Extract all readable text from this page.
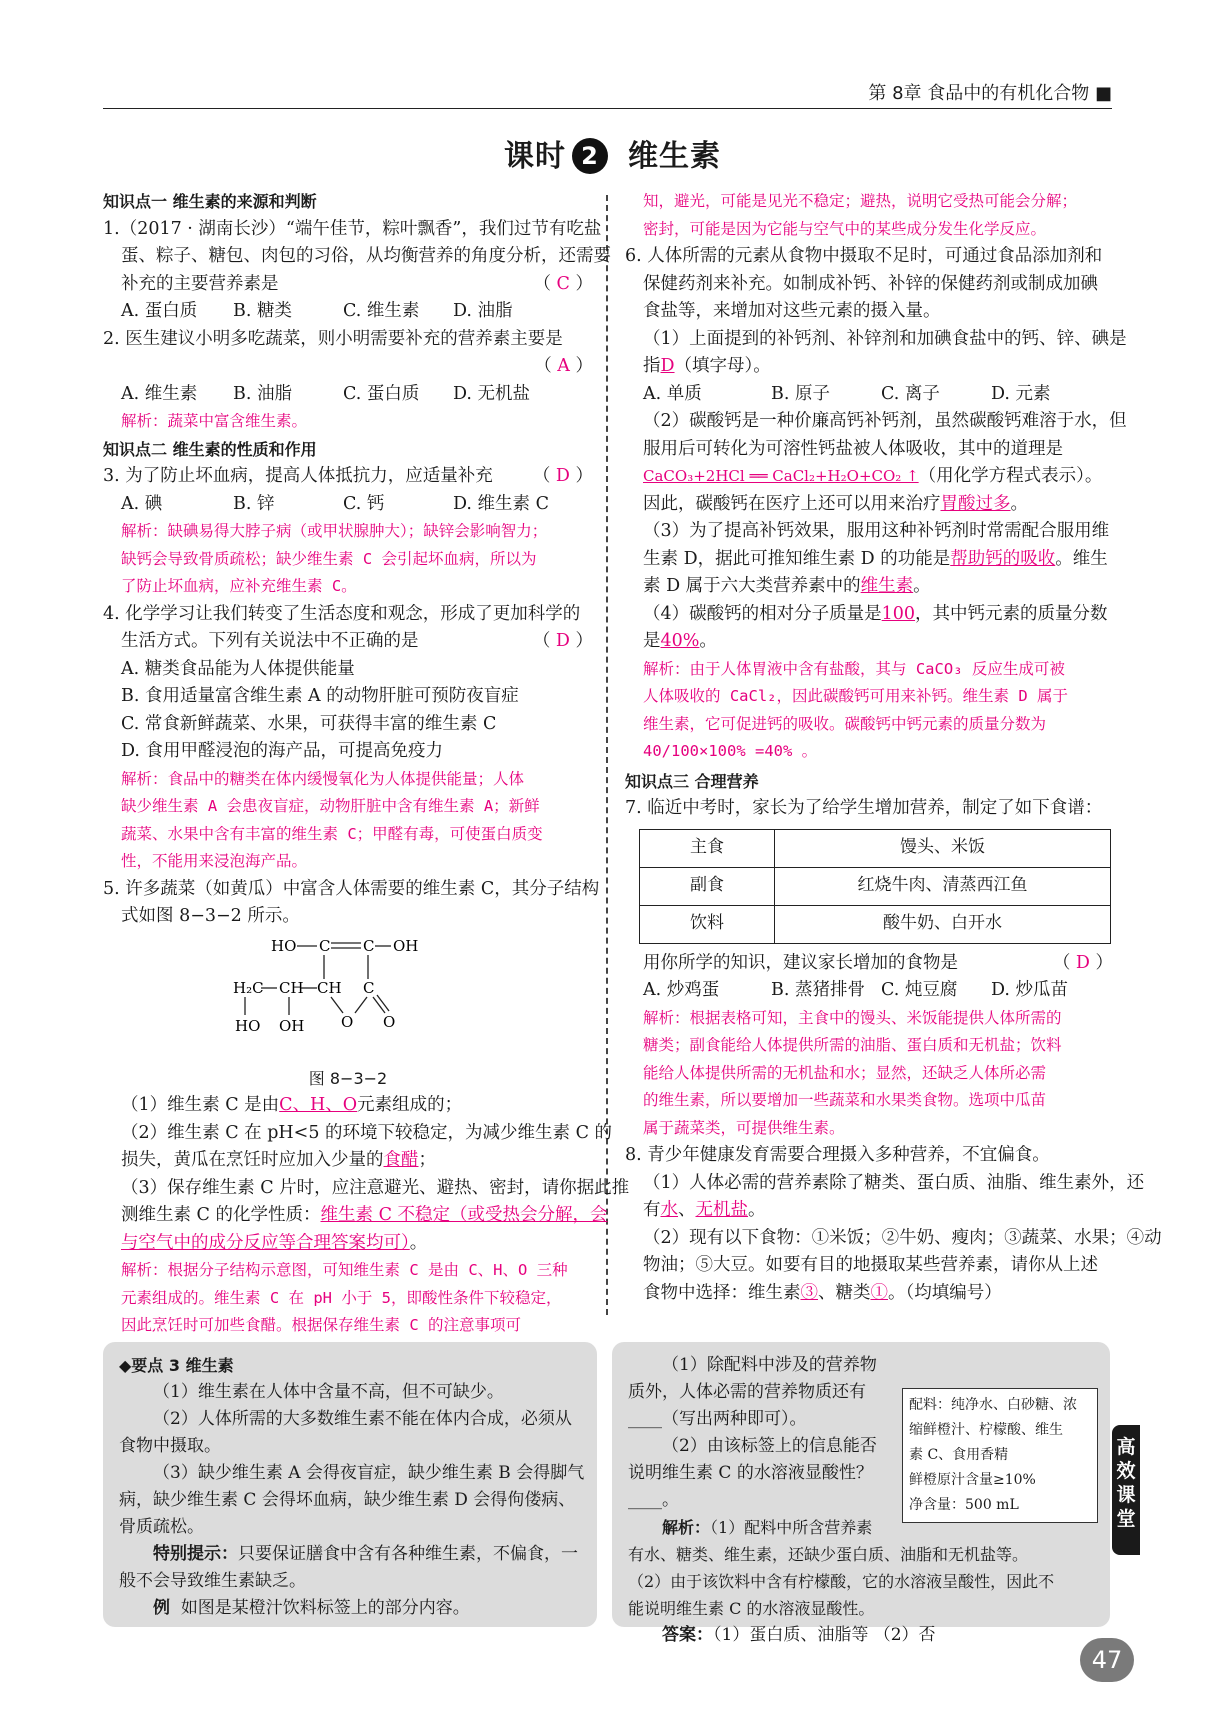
第 8章 食品中的有机化合物 ■
课时 2 维生素
知识点一 维生素的来源和判断
1.（2017 · 湖南长沙）“端午佳节，粽叶飘香”，我们过节有吃盐
蛋、粽子、糖包、肉包的习俗，从均衡营养的角度分析，还需要
补充的主要营养素是	（ C ）
A. 蛋白质 B. 糖类	C. 维生素 D. 油脂
2. 医生建议小明多吃蔬菜，则小明需要补充的营养素主要是
（ A ）

A. 维生素 B. 油脂	C. 蛋白质 D. 无机盐
解析：蔬菜中富含维生素。
知识点二 维生素的性质和作用
3. 为了防止坏血病，提高人体抵抗力，应适量补充 （ D ）
A. 碘	B. 锌	C. 钙	D. 维生素 C
解析：缺碘易得大脖子病（或甲状腺肿大）；缺锌会影响智力；
缺钙会导致骨质疏松；缺少维生素 C 会引起坏血病，所以为
了防止坏血病，应补充维生素 C。
4. 化学学习让我们转变了生活态度和观念，形成了更加科学的
生活方式。下列有关说法中不正确的是	（ D ）
A. 糖类食品能为人体提供能量
B. 食用适量富含维生素 A 的动物肝脏可预防夜盲症
C. 常食新鲜蔬菜、水果，可获得丰富的维生素 C
D. 食用甲醛浸泡的海产品，可提高免疫力
解析：食品中的糖类在体内缓慢氧化为人体提供能量；人体
缺少维生素 A 会患夜盲症，动物肝脏中含有维生素 A；新鲜
蔬菜、水果中含有丰富的维生素 C；甲醛有毒，可使蛋白质变
性，不能用来浸泡海产品。
5. 许多蔬菜（如黄瓜）中富含人体需要的维生素 C，其分子结构
式如图 8−3−2 所示。
HO C C OH
H₂C CH CH C
O O
HO OH
图 8−3−2
（1）维生素 C 是由C、H、O元素组成的；
（2）维生素 C 在 pH<5 的环境下较稳定，为减少维生素 C 的
损失，黄瓜在烹饪时应加入少量的食醋；
（3）保存维生素 C 片时，应注意避光、避热、密封，请你据此推
测维生素 C 的化学性质：维生素 C 不稳定（或受热会分解，会
与空气中的成分反应等合理答案均可）。
解析：根据分子结构示意图，可知维生素 C 是由 C、H、O 三种
元素组成的。维生素 C 在 pH 小于 5，即酸性条件下较稳定，
因此烹饪时可加些食醋。根据保存维生素 C 的注意事项可
知，避光，可能是见光不稳定；避热，说明它受热可能会分解；
密封，可能是因为它能与空气中的某些成分发生化学反应。
6. 人体所需的元素从食物中摄取不足时，可通过食品添加剂和
保健药剂来补充。如制成补钙、补锌的保健药剂或制成加碘
食盐等，来增加对这些元素的摄入量。
（1）上面提到的补钙剂、补锌剂和加碘食盐中的钙、锌、碘是
指D（填字母）。
A. 单质	B. 原子	C. 离子	D. 元素
（2）碳酸钙是一种价廉高钙补钙剂，虽然碳酸钙难溶于水，但
服用后可转化为可溶性钙盐被人体吸收，其中的道理是
CaCO₃+2HCl ══ CaCl₂+H₂O+CO₂ ↑（用化学方程式表示）。
因此，碳酸钙在医疗上还可以用来治疗胃酸过多。
（3）为了提高补钙效果，服用这种补钙剂时常需配合服用维
生素 D，据此可推知维生素 D 的功能是帮助钙的吸收。维生
素 D 属于六大类营养素中的维生素。
（4）碳酸钙的相对分子质量是100，其中钙元素的质量分数
是40%。
解析：由于人体胃液中含有盐酸，其与 CaCO₃ 反应生成可被
人体吸收的 CaCl₂，因此碳酸钙可用来补钙。维生素 D 属于
维生素，它可促进钙的吸收。碳酸钙中钙元素的质量分数为
40/100×100% =40% 。
知识点三 合理营养
7. 临近中考时，家长为了给学生增加营养，制定了如下食谱：
主食	馒头、米饭
副食	红烧牛肉、清蒸西江鱼
饮料	酸牛奶、白开水
用你所学的知识，建议家长增加的食物是	（ D ）
A. 炒鸡蛋	B. 蒸猪排骨 C. 炖豆腐 D. 炒瓜苗
解析：根据表格可知，主食中的馒头、米饭能提供人体所需的
糖类；副食能给人体提供所需的油脂、蛋白质和无机盐；饮料
能给人体提供所需的无机盐和水；显然，还缺乏人体所必需
的维生素，所以要增加一些蔬菜和水果类食物。选项中瓜苗
属于蔬菜类，可提供维生素。
8. 青少年健康发育需要合理摄入多种营养，不宜偏食。
（1）人体必需的营养素除了糖类、蛋白质、油脂、维生素外，还
有水、无机盐。
（2）现有以下食物：①米饭；②牛奶、瘦肉；③蔬菜、水果；④动
物油；⑤大豆。如要有目的地摄取某些营养素，请你从上述
食物中选择：维生素③、糖类①。（均填编号）
◆要点 3 维生素
（1）维生素在人体中含量不高，但不可缺少。
（2）人体所需的大多数维生素不能在体内合成，必须从
食物中摄取。
（3）缺少维生素 A 会得夜盲症，缺少维生素 B 会得脚气
病，缺少维生素 C 会得坏血病，缺少维生素 D 会得佝偻病、
骨质疏松。
特别提示：只要保证膳食中含有各种维生素，不偏食，一
般不会导致维生素缺乏。
例 如图是某橙汁饮料标签上的部分内容。
（1）除配料中涉及的营养物
质外，人体必需的营养物质还有
____（写出两种即可）。
（2）由该标签上的信息能否
说明维生素 C 的水溶液显酸性？
____。
配料：纯净水、白砂糖、浓
缩鲜橙汁、柠檬酸、维生
素 C、食用香精
鲜橙原汁含量≥10%
净含量：500 mL
解析：（1）配料中所含营养素
有水、糖类、维生素，还缺少蛋白质、油脂和无机盐等。
（2）由于该饮料中含有柠檬酸，它的水溶液呈酸性，因此不
能说明维生素 C 的水溶液显酸性。
答案：（1）蛋白质、油脂等 （2）否
高效课堂
47
